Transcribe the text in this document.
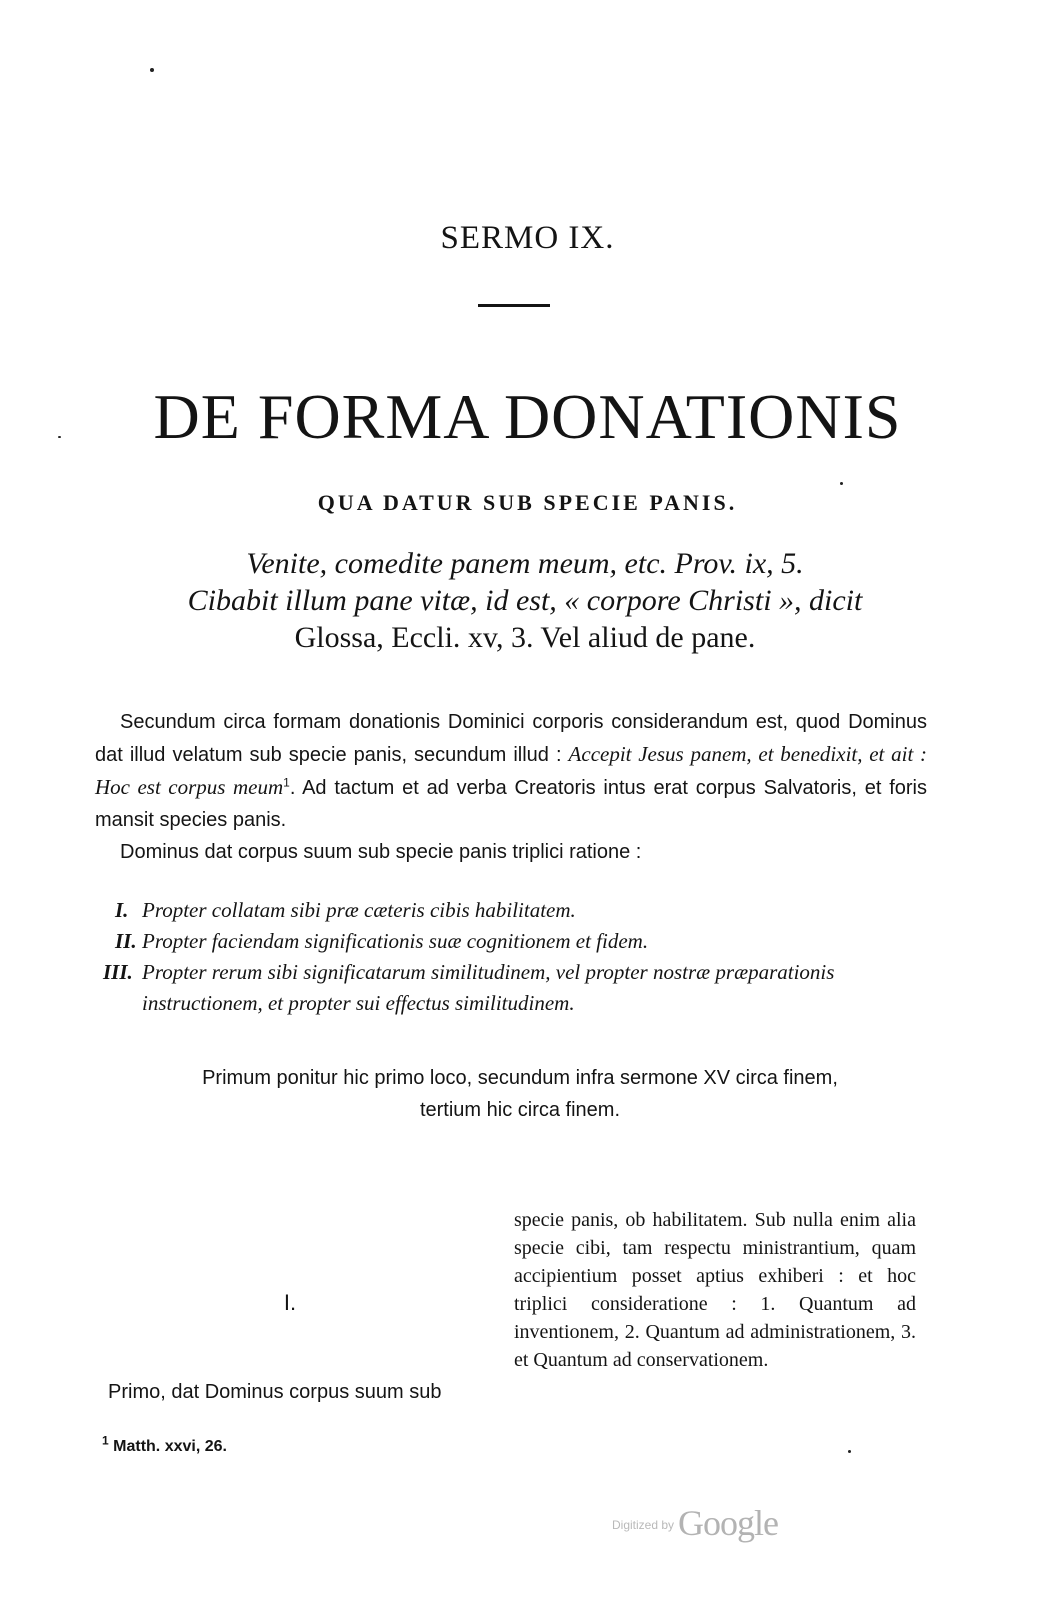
SERMO IX.
DE FORMA DONATIONIS
QUA DATUR SUB SPECIE PANIS.

Venite, comedite panem meum, etc. Prov. ix, 5.

Cibabit illum pane vitæ, id est, « corpore Christi », dicit

Glossa, Eccli. xv, 3. Vel aliud de pane.

Secundum circa formam donationis Dominici corporis considerandum est, quod Dominus dat illud velatum sub specie panis, secundum illud : Accepit Jesus panem, et benedixit, et ait : Hoc est corpus meum$^1$. Ad tactum et ad verba Creatoris intus erat corpus Salvatoris, et foris mansit species panis.
Dominus dat corpus suum sub specie panis triplici ratione :
I. Propter collatam sibi præ cæteris cibis habilitatem.
II. Propter faciendam significationis suæ cognitionem et fidem.
III. Propter rerum sibi significatarum similitudinem, vel propter nostræ præparationis instructionem, et propter sui effectus similitudinem.
Primum ponitur hic primo loco, secundum infra sermone XV circa finem,
tertium hic circa finem.
I.
Primo, dat Dominus corpus suum sub
specie panis, ob habilitatem. Sub nulla enim alia specie cibi, tam respectu ministrantium, quam accipientium posset aptius exhiberi : et hoc triplici consideratione : 1. Quantum ad inventionem, 2. Quantum ad administrationem, 3. et Quantum ad conservationem.
$^1$ Matth. xxvi, 26.
$^{Digitized by}$ Google
